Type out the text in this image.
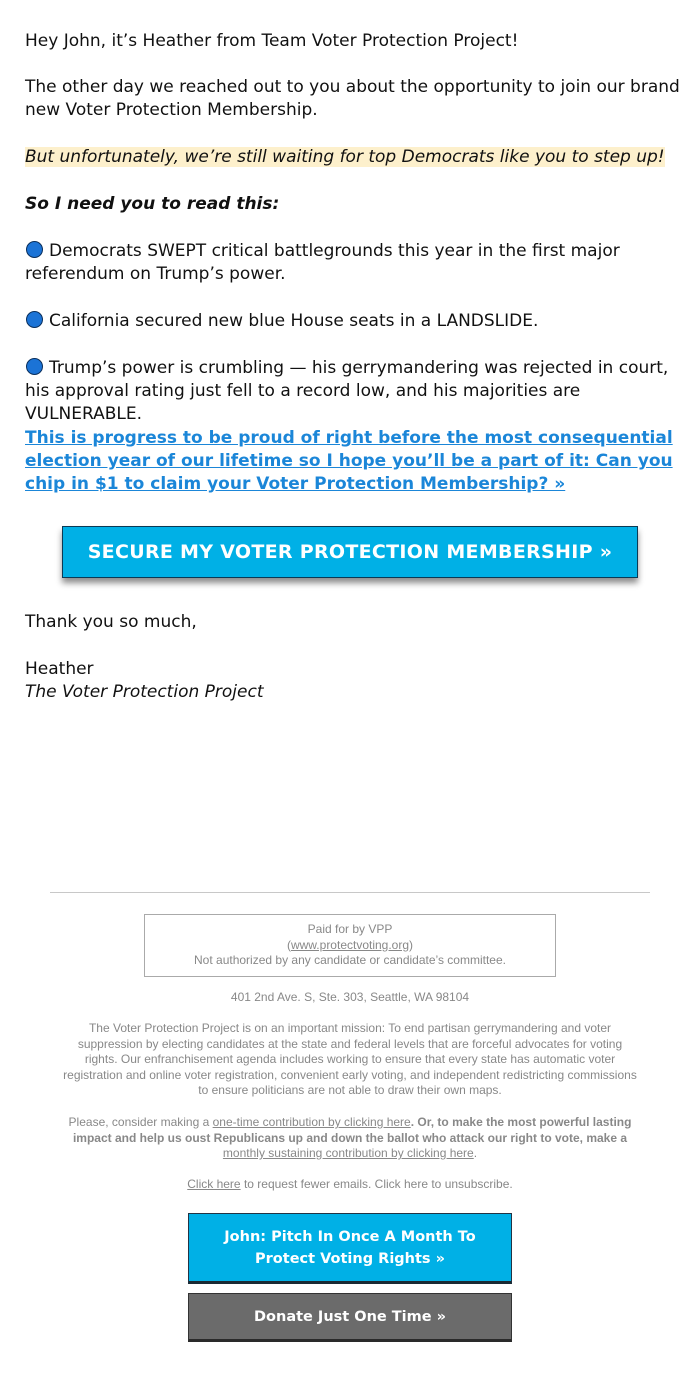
Hey John, it’s Heather from Team Voter Protection Project!

The other day we reached out to you about the opportunity to join our brand new Voter Protection Membership.

But unfortunately, we’re still waiting for top Democrats like you to step up!

So I need you to read this:

Democrats SWEPT critical battlegrounds this year in the first major referendum on Trump’s power.

California secured new blue House seats in a LANDSLIDE.

Trump’s power is crumbling — his gerrymandering was rejected in court, his approval rating just fell to a record low, and his majorities are VULNERABLE.

This is progress to be proud of right before the most consequential election year of our lifetime so I hope you’ll be a part of it: Can you chip in $1 to claim your Voter Protection Membership? »

SECURE MY VOTER PROTECTION MEMBERSHIP »

Thank you so much,

Heather

The Voter Protection Project

Paid for by VPP
(www.protectvoting.org)
Not authorized by any candidate or candidate’s committee.
401 2nd Ave. S, Ste. 303, Seattle, WA 98104
The Voter Protection Project is on an important mission: To end partisan gerrymandering and voter suppression by electing candidates at the state and federal levels that are forceful advocates for voting rights. Our enfranchisement agenda includes working to ensure that every state has automatic voter registration and online voter registration, convenient early voting, and independent redistricting commissions to ensure politicians are not able to draw their own maps.
Please, consider making a one-time contribution by clicking here. Or, to make the most powerful lasting impact and help us oust Republicans up and down the ballot who attack our right to vote, make a monthly sustaining contribution by clicking here.
Click here to request fewer emails. Click here to unsubscribe.
John: Pitch In Once A Month To Protect Voting Rights »
Donate Just One Time »
